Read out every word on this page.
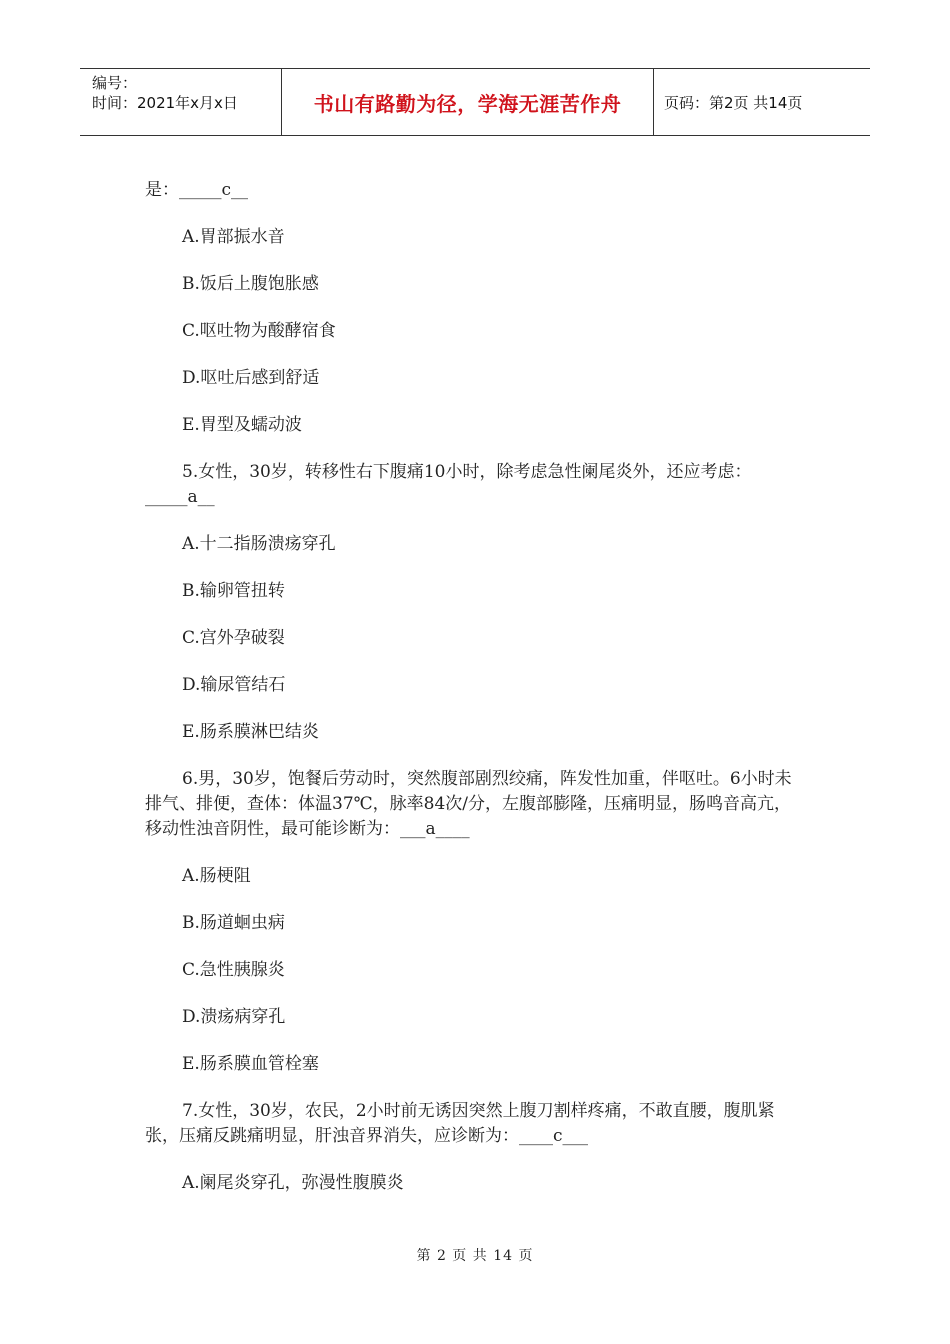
编号：
时间：2021年x月x日	书山有路勤为径，学海无涯苦作舟	页码：第2页 共14页

是：_____c__

A.胃部振水音

B.饭后上腹饱胀感

C.呕吐物为酸酵宿食

D.呕吐后感到舒适

E.胃型及蠕动波

5.女性，30岁，转移性右下腹痛10小时，除考虑急性阑尾炎外，还应考虑：_____a__

A.十二指肠溃疡穿孔

B.输卵管扭转

C.宫外孕破裂

D.输尿管结石

E.肠系膜淋巴结炎

6.男，30岁，饱餐后劳动时，突然腹部剧烈绞痛，阵发性加重，伴呕吐。6小时未排气、排便，查体：体温37℃，脉率84次/分，左腹部膨隆，压痛明显，肠鸣音高亢，移动性浊音阴性，最可能诊断为：___a____

A.肠梗阻

B.肠道蛔虫病

C.急性胰腺炎

D.溃疡病穿孔

E.肠系膜血管栓塞

7.女性，30岁，农民，2小时前无诱因突然上腹刀割样疼痛，不敢直腰，腹肌紧张，压痛反跳痛明显，肝浊音界消失，应诊断为：____c___

A.阑尾炎穿孔，弥漫性腹膜炎

第 2 页 共 14 页
